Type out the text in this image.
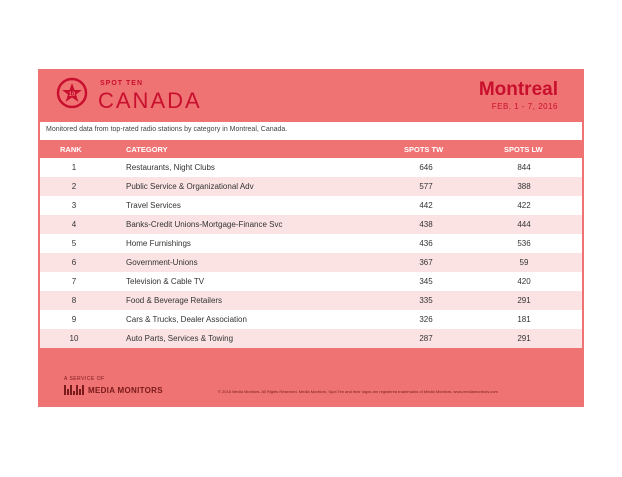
10
SPOT TEN
CANADA	Montreal
FEB. 1 - 7, 2016
Monitored data from top-rated radio stations by category in Montreal, Canada.
RANK	CATEGORY	SPOTS TW	SPOTS LW
1	Restaurants, Night Clubs	646	844
2	Public Service & Organizational Adv	577	388
3	Travel Services	442	422
4	Banks-Credit Unions-Mortgage-Finance Svc	438	444
5	Home Furnishings	436	536
6	Government-Unions	367	59
7	Television & Cable TV	345	420
8	Food & Beverage Retailers	335	291
9	Cars & Trucks, Dealer Association	326	181
10	Auto Parts, Services & Towing	287	291
A SERVICE OF
MEDIA MONITORS	© 2016 Media Monitors. All Rights Reserved. Media Monitors, Spot Ten and their logos are registered trademarks of Media Monitors. www.mediamonitors.com
